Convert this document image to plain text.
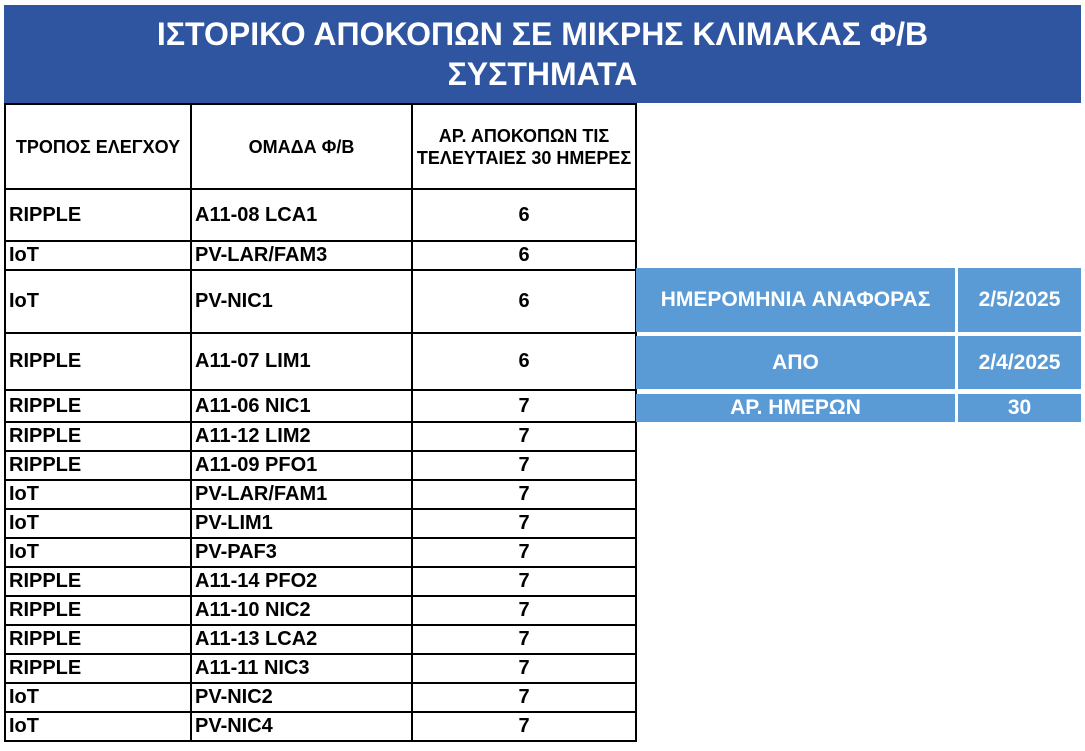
ΙΣΤΟΡΙΚΟ ΑΠΟΚΟΠΩΝ ΣΕ ΜΙΚΡΗΣ ΚΛΙΜΑΚΑΣ Φ/Β
ΣΥΣΤΗΜΑΤΑ
ΤΡΟΠΟΣ ΕΛΕΓΧΟΥ	ΟΜΑΔΑ Φ/Β	ΑΡ. ΑΠΟΚΟΠΩΝ ΤΙΣ ΤΕΛΕΥΤΑΙΕΣ 30 ΗΜΕΡΕΣ
RIPPLE	A11-08 LCA1	6
IoT	PV-LAR/FAM3	6
IoT	PV-NIC1	6
RIPPLE	A11-07 LIM1	6
RIPPLE	A11-06 NIC1	7
RIPPLE	A11-12 LIM2	7
RIPPLE	A11-09 PFO1	7
IoT	PV-LAR/FAM1	7
IoT	PV-LIM1	7
IoT	PV-PAF3	7
RIPPLE	A11-14 PFO2	7
RIPPLE	A11-10 NIC2	7
RIPPLE	A11-13 LCA2	7
RIPPLE	A11-11 NIC3	7
IoT	PV-NIC2	7
IoT	PV-NIC4	7
ΗΜΕΡΟΜΗΝΙΑ ΑΝΑΦΟΡΑΣ	2/5/2025
ΑΠΟ	2/4/2025
ΑΡ. ΗΜΕΡΩΝ	30
